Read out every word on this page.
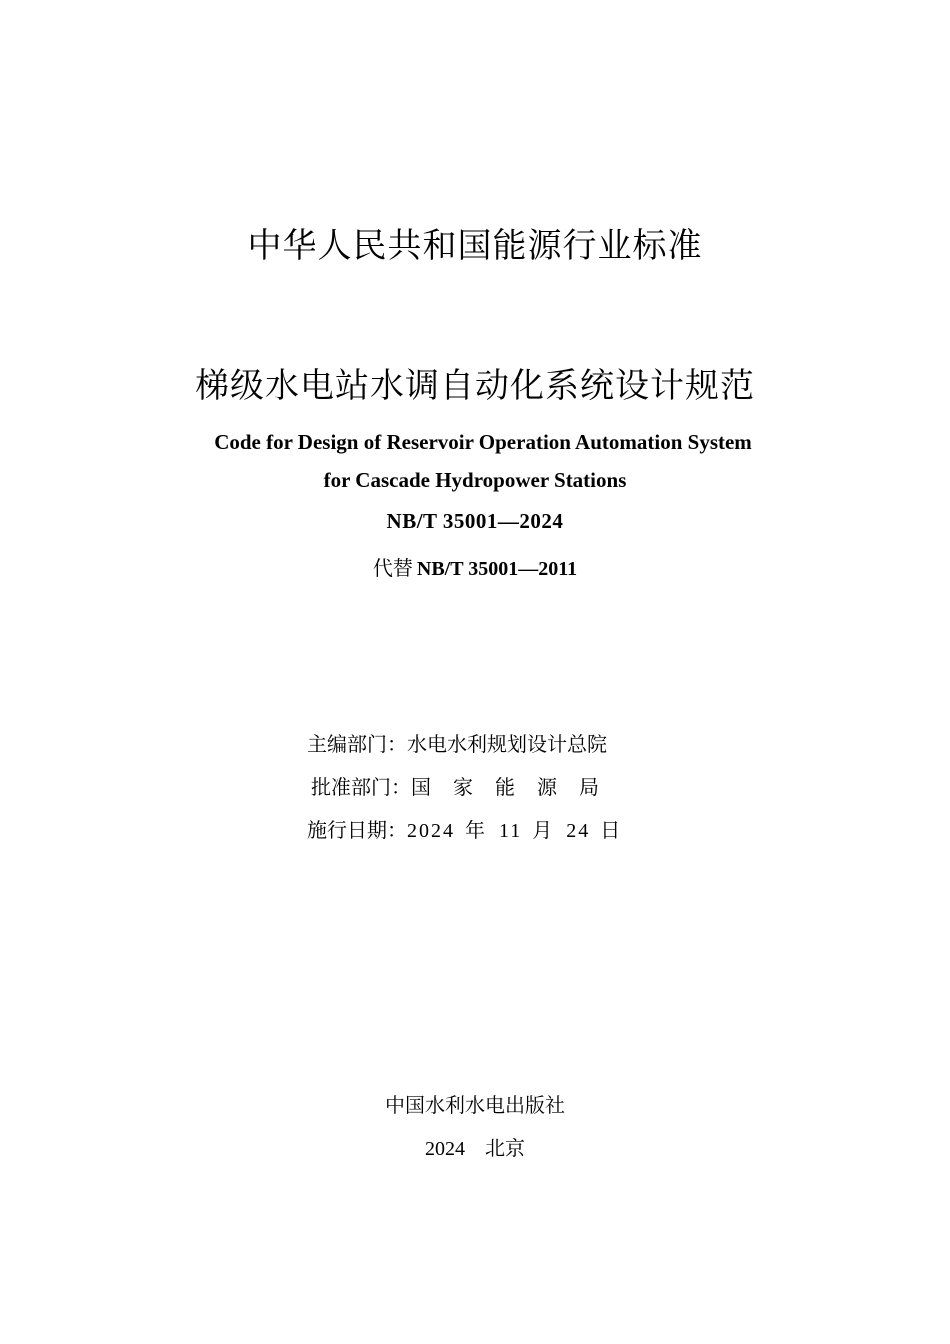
中华人民共和国能源行业标准
梯级水电站水调自动化系统设计规范
Code for Design of Reservoir Operation Automation System
for Cascade Hydropower Stations
NB/T 35001—2024
代替 NB/T 35001—2011
主编部门：水电水利规划设计总院
批准部门：国家能源局
施行日期：2024 年 11 月 24 日
中国水利水电出版社
2024 北京
